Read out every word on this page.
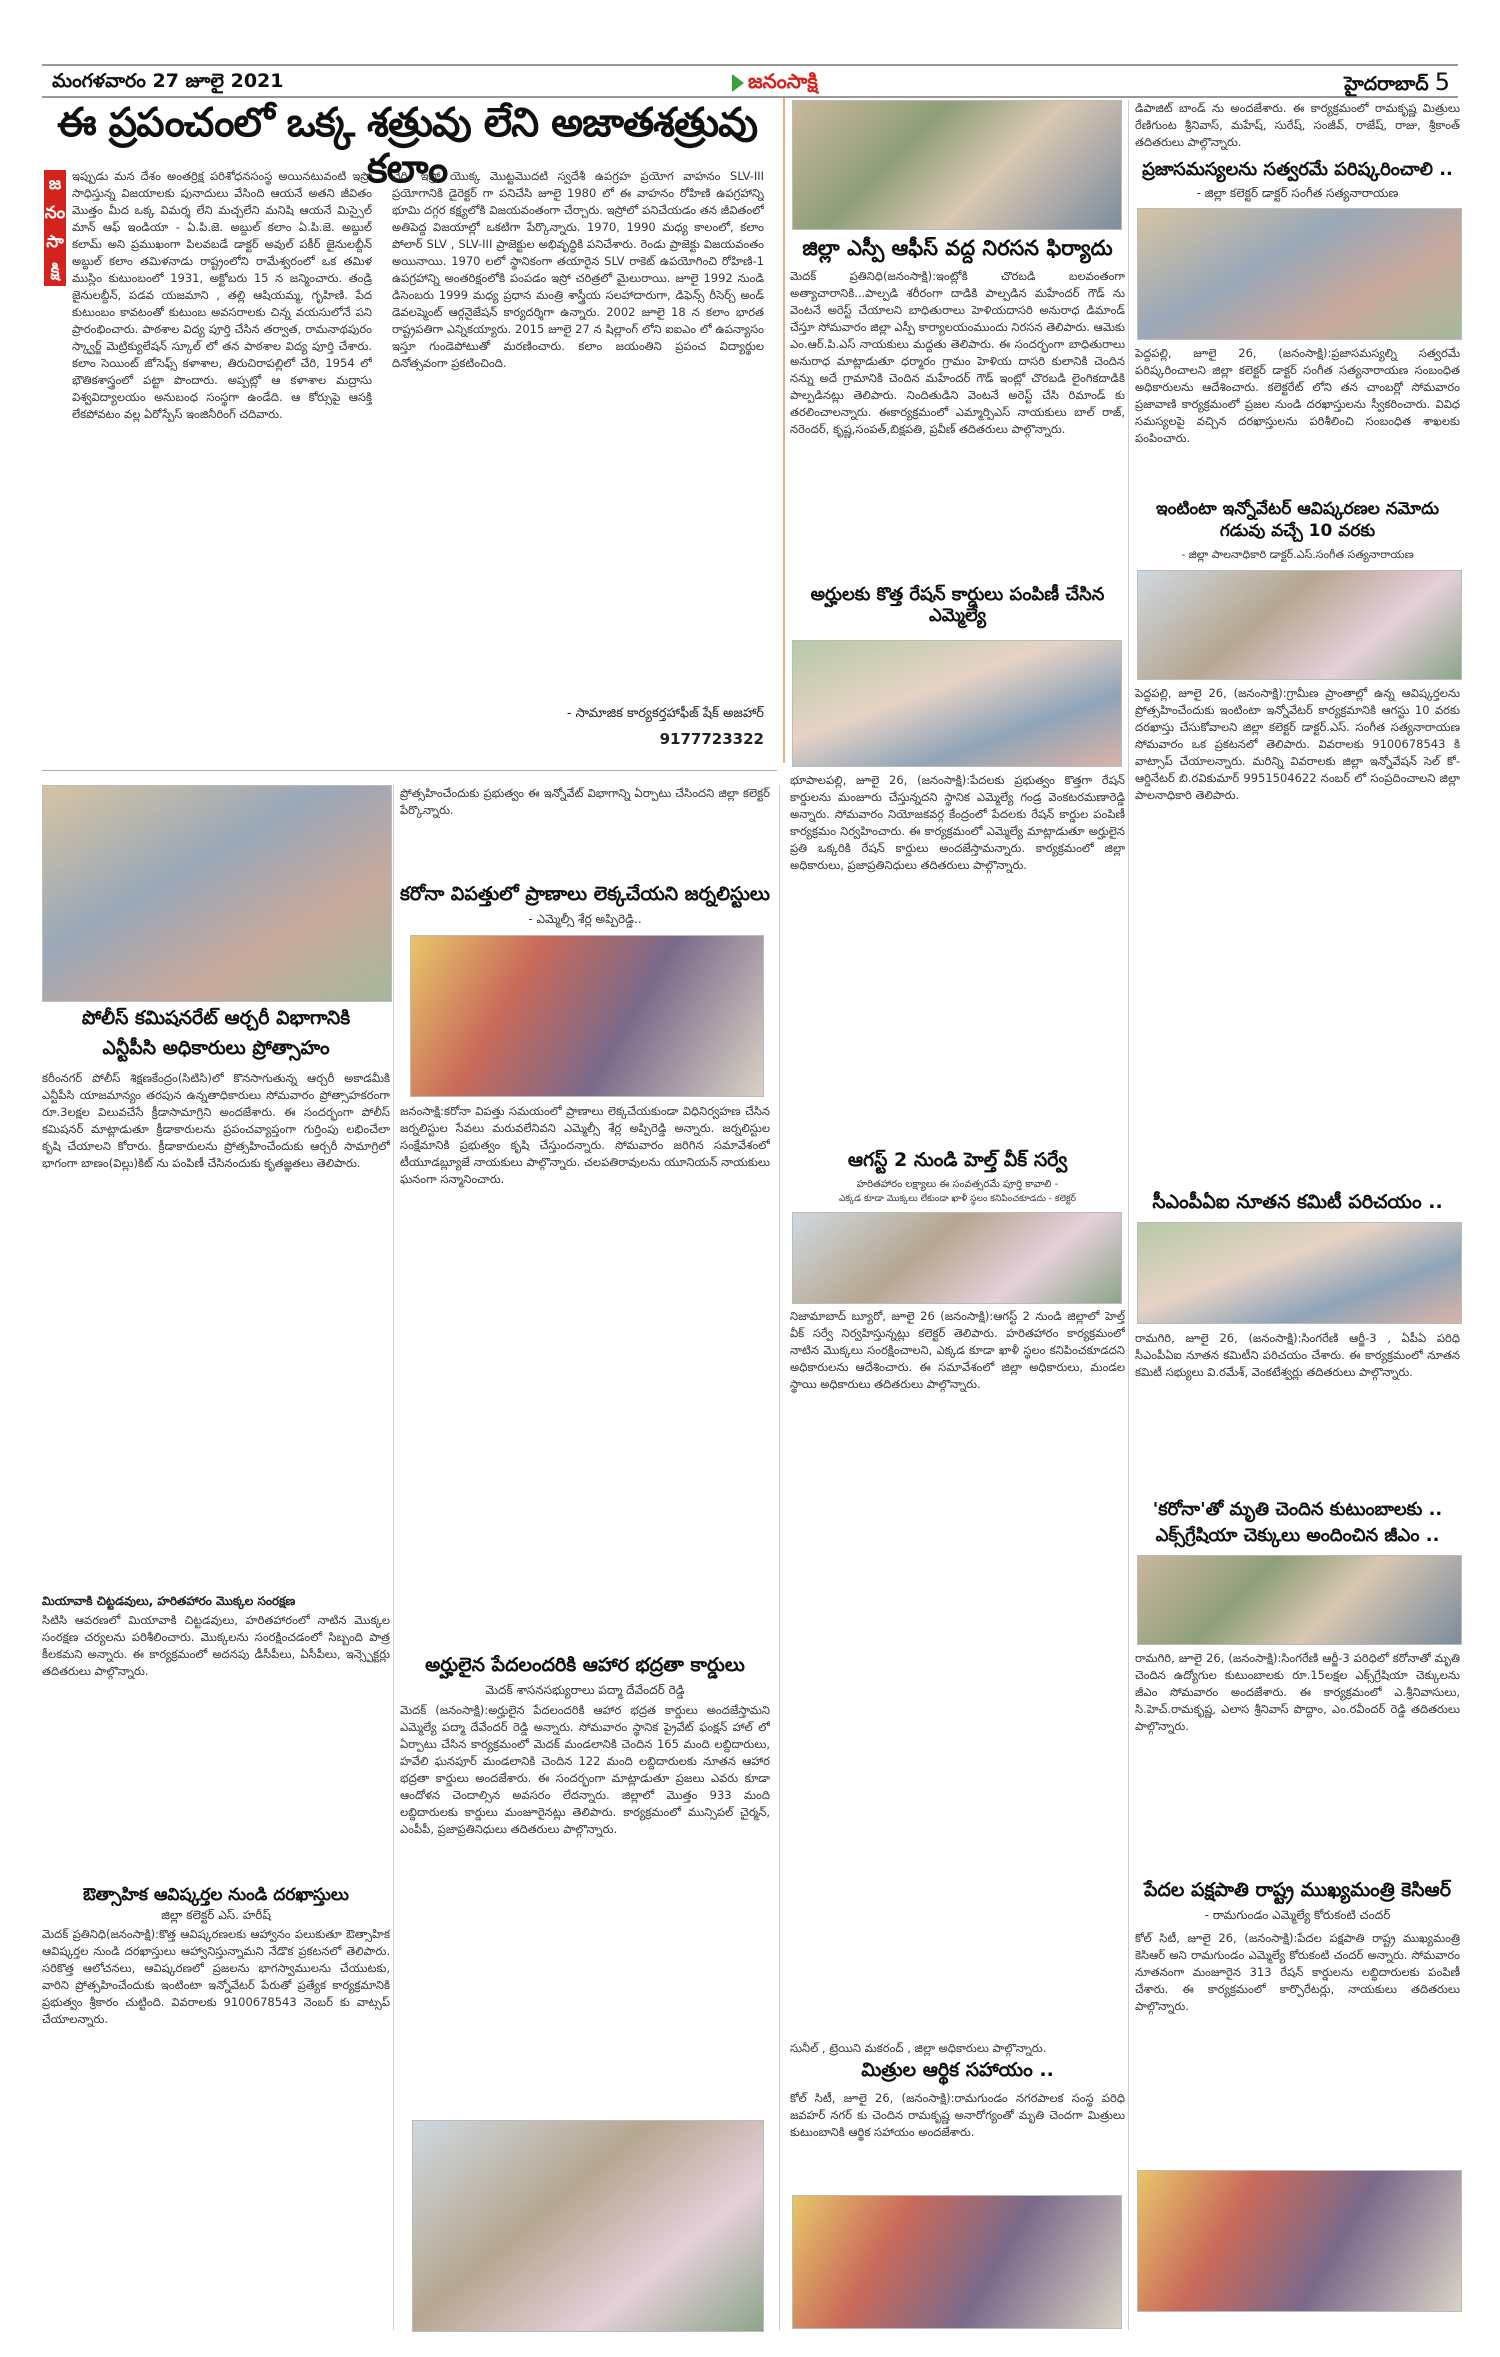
మంగళవారం 27 జూలై 2021	జనంసాక్షి	హైదరాబాద్ 5
ఈ ప్రపంచంలో ఒక్క శత్రువు లేని అజాతశత్రువు కలాం
జ
నం
సా
క్షి
ఇప్పుడు మన దేశం అంతర్రిక్ష పరిశోధనసంస్థ అయినటువంటి ఇస్రో సాధిస్తున్న విజయాలకు పునాదులు వేసింది ఆయనే అతని జీవితం మొత్తం మీద ఒక్క విమర్శ లేని మచ్చలేని మనిషి ఆయనే మిస్సైల్ మాన్ ఆఫ్ ఇండియా - ఏ.పి.జె. అబ్దుల్ కలాం ఏ.పి.జె. అబ్దుల్ కలామ్ అని ప్రముఖంగా పిలవబడే డాక్టర్ అవుల్ పకీర్ జైనులబ్దీన్ అబ్దుల్ కలాం తమిళనాడు రాష్ట్రంలోని రామేశ్వరంలో ఒక తమిళ ముస్లిం కుటుంబంలో 1931, అక్టోబరు 15 న జన్మించారు. తండ్రి జైనులబ్దీన్, పడవ యజమాని , తల్లి ఆషియమ్మ, గృహిణి. పేద కుటుంబం కావటంతో కుటుంబ అవసరాలకు చిన్న వయసులోనే పని ప్రారంభించారు. పాఠశాల విద్య పూర్తి చేసిన తర్వాత, రామనాథపురం స్క్వార్జ్ మెట్రిక్యులేషన్ స్కూల్ లో తన పాఠశాల విద్య పూర్తి చేశారు. కలాం సెయింట్ జోసెఫ్స్ కళాశాల, తిరుచిరాపల్లిలో చేరి, 1954 లో భౌతికశాస్త్రంలో పట్టా పొందారు. అప్పట్లో ఆ కళాశాల మద్రాసు విశ్వవిద్యాలయం అనుబంధ సంస్థగా ఉండేది. ఆ కోర్సుపై ఆసక్తి లేకపోవటం వల్ల ఏరోస్పేస్ ఇంజినీరింగ్ చదివారు.
చేరి, ఇస్రో యొక్క మొట్టమొదటి స్వదేశీ ఉపగ్రహ ప్రయోగ వాహనం SLV-III ప్రయోగానికి డైరెక్టర్ గా పనిచేసి జూలై 1980 లో ఈ వాహనం రోహిణి ఉపగ్రహాన్ని భూమి దగ్గర కక్ష్యలోకి విజయవంతంగా చేర్చారు. ఇస్రోలో పనిచేయడం తన జీవితంలో అతిపెద్ద విజయాల్లో ఒకటిగా పేర్కొన్నారు. 1970, 1990 మధ్య కాలంలో, కలాం పోలార్ SLV , SLV-III ప్రాజెక్టుల అభివృద్ధికి పనిచేశారు. రెండు ప్రాజెక్టు విజయవంతం అయినాయి. 1970 లలో స్థానికంగా తయారైన SLV రాకెట్ ఉపయోగించి రోహిణి-1 ఉపగ్రహాన్ని అంతరిక్షంలోకి పంపడం ఇస్రో చరిత్రలో మైలురాయి. జూలై 1992 నుండి డిసెంబరు 1999 మధ్య ప్రధాన మంత్రి శాస్త్రీయ సలహాదారుగా, డిఫెన్స్ రీసెర్చ్ అండ్ డెవలప్మెంట్ ఆర్గనైజేషన్ కార్యదర్శిగా ఉన్నారు. 2002 జూలై 18 న కలాం భారత రాష్ట్రపతిగా ఎన్నికయ్యారు. 2015 జూలై 27 న షిల్లాంగ్ లోని ఐఐఎం లో ఉపన్యాసం ఇస్తూ గుండెపోటుతో మరణించారు. కలాం జయంతిని ప్రపంచ విద్యార్థుల దినోత్సవంగా ప్రకటించింది.
- సామాజిక కార్యకర్తహాఫీజ్ షేక్ అజహార్
9177723322
జిల్లా ఎస్పీ ఆఫీస్ వద్ద నిరసన ఫిర్యాదు
మెదక్ ప్రతినిధి(జనంసాక్షి):ఇంట్లోకి చొరబడి బలవంతంగా అత్యాచారానికి...పాల్పడి శరీరంగా దాడికి పాల్పడిన మహేందర్ గౌడ్ ను వెంటనే అరెస్ట్ చేయాలని బాధితురాలు హెళియదాసరి అనురాధ డిమాండ్ చేస్తూ సోమవారం జిల్లా ఎస్పీ కార్యాలయంముందు నిరసన తెలిపారు. ఆమెకు ఎం.ఆర్.పి.ఎస్ నాయకులు మద్దతు తెలిపారు. ఈ సందర్భంగా బాధితురాలు అనురాధ మాట్లాడుతూ ధర్మారం గ్రామం హెళియ దాసరి కులానికి చెందిన నన్ను అదే గ్రామానికి చెందిన మహేందర్ గౌడ్ ఇంట్లో చొరబడి లైంగికదాడికి పాల్పడినట్లు తెలిపారు. నిందితుడిని వెంటనే అరెస్ట్ చేసి రిమాండ్ కు తరలించాలన్నారు. ఈకార్యక్రమంలో ఎమ్మార్పిఎస్ నాయకులు బాల్ రాజ్, నరెందర్, కృష్ణ,సంపత్,బిక్షపతి, ప్రవీణ్ తదితరులు పాల్గొన్నారు.
అర్హులకు కొత్త రేషన్ కార్డులు పంపిణీ చేసిన ఎమ్మెల్యే
భూపాలపల్లి, జూలై 26, (జనంసాక్షి):పేదలకు ప్రభుత్వం కొత్తగా రేషన్ కార్డులను మంజూరు చేస్తున్నదని స్థానిక ఎమ్మెల్యే గండ్ర వెంకటరమణారెడ్డి అన్నారు. సోమవారం నియోజకవర్గ కేంద్రంలో పేదలకు రేషన్ కార్డుల పంపిణీ కార్యక్రమం నిర్వహించారు. ఈ కార్యక్రమంలో ఎమ్మెల్యే మాట్లాడుతూ అర్హులైన ప్రతి ఒక్కరికి రేషన్ కార్డులు అందజేస్తామన్నారు. కార్యక్రమంలో జిల్లా అధికారులు, ప్రజాప్రతినిధులు తదితరులు పాల్గొన్నారు.
ఆగస్ట్ 2 నుండి హెల్త్ వీక్ సర్వే
హరితహారం లక్ష్యాలు ఈ సంవత్సరమే పూర్తి కావాలి -
ఎక్కడ కూడా మొక్కలు లేకుండా ఖాళీ స్థలం కనిపించకూడదు - కలెక్టర్
నిజామాబాద్ బ్యూరో, జూలై 26 (జనంసాక్షి):ఆగస్ట్ 2 నుండి జిల్లాలో హెల్త్ వీక్ సర్వే నిర్వహిస్తున్నట్లు కలెక్టర్ తెలిపారు. హరితహారం కార్యక్రమంలో నాటిన మొక్కలు సంరక్షించాలని, ఎక్కడ కూడా ఖాళీ స్థలం కనిపించకూడదని అధికారులను ఆదేశించారు. ఈ సమావేశంలో జిల్లా అధికారులు, మండల స్థాయి అధికారులు తదితరులు పాల్గొన్నారు.
సునీల్ , ట్రెయిని మకరంద్ , జిల్లా అధికారులు పాల్గొన్నారు.
మిత్రుల ఆర్థిక సహాయం ..
కోల్ సిటీ, జూలై 26, (జనంసాక్షి):రామగుండం నగరపాలక సంస్థ పరిధి జవహర్ నగర్ కు చెందిన రామకృష్ణ అనారోగ్యంతో మృతి చెందగా మిత్రులు కుటుంబానికి ఆర్థిక సహాయం అందజేశారు.
డిపాజిట్ బాండ్ ను అందజేశారు. ఈ కార్యక్రమంలో రామకృష్ణ మిత్రులు రేణిగుంట శ్రీనివాస్, మహేష్, సురేష్, సంజీవ్, రాజేష్, రాజు, శ్రీకాంత్ తదితరులు పాల్గొన్నారు.
ప్రజాసమస్యలను సత్వరమే పరిష్కరించాలి ..
- జిల్లా కలెక్టర్ డాక్టర్ సంగీత సత్యనారాయణ
పెద్దపల్లి, జూలై 26, (జనంసాక్షి):ప్రజాసమస్యల్ని సత్వరమే పరిష్కరించాలని జిల్లా కలెక్టర్ డాక్టర్ సంగీత సత్యనారాయణ సంబంధిత అధికారులను ఆదేశించారు. కలెక్టరేట్ లోని తన చాంబర్లో సోమవారం ప్రజావాణి కార్యక్రమంలో ప్రజల నుండి దరఖాస్తులను స్వీకరించారు. వివిధ సమస్యలపై వచ్చిన దరఖాస్తులను పరిశీలించి సంబంధిత శాఖలకు పంపించారు.
ఇంటింటా ఇన్నోవేటర్ ఆవిష్కరణల నమోదు
గడువు వచ్చే 10 వరకు
- జిల్లా పాలనాధికారి డాక్టర్.ఎస్.సంగీత సత్యనారాయణ
పెద్దపల్లి, జూలై 26, (జనంసాక్షి):గ్రామీణ ప్రాంతాల్లో ఉన్న ఆవిష్కర్తలను ప్రోత్సహించేందుకు ఇంటింటా ఇన్నోవేటర్ కార్యక్రమానికి ఆగస్టు 10 వరకు దరఖాస్తు చేసుకోవాలని జిల్లా కలెక్టర్ డాక్టర్.ఎస్. సంగీత సత్యనారాయణ సోమవారం ఒక ప్రకటనలో తెలిపారు. వివరాలకు 9100678543 కి వాట్సాప్ చేయాలన్నారు. మరిన్ని వివరాలకు జిల్లా ఇన్నోవేషన్ సెల్ కో-ఆర్డినేటర్ బి.రవికుమార్ 9951504622 నంబర్ లో సంప్రదించాలని జిల్లా పాలనాధికారి తెలిపారు.
సీఎంపీఏఐ నూతన కమిటీ పరిచయం ..
రామగిరి, జూలై 26, (జనంసాక్షి):సింగరేణి ఆర్జీ-3 , ఏపీఏ పరిధి సీఎంపీఏఐ నూతన కమిటీని పరిచయం చేశారు. ఈ కార్యక్రమంలో నూతన కమిటీ సభ్యులు వి.రమేశ్, వెంకటేశ్వర్లు తదితరులు పాల్గొన్నారు.
'కరోనా'తో మృతి చెందిన కుటుంబాలకు ..
ఎక్స్‌గ్రేషియా చెక్కులు అందించిన జీఎం ..
రామగిరి, జూలై 26, (జనంసాక్షి):సింగరేణి ఆర్జీ-3 పరిధిలో కరోనాతో మృతి చెందిన ఉద్యోగుల కుటుంబాలకు రూ.15లక్షల ఎక్స్‌గ్రేషియా చెక్కులను జీఎం సోమవారం అందజేశారు. ఈ కార్యక్రమంలో ఎ.శ్రీనివాసులు, సి.హెచ్.రామకృష్ణ, ఎలాస శ్రీనివాస్ పొద్దాం, ఎం.రవీందర్ రెడ్డి తదితరులు పాల్గొన్నారు.
పేదల పక్షపాతి రాష్ట్ర ముఖ్యమంత్రి కెసిఆర్
- రామగుండం ఎమ్మెల్యే కోరుకంటి చందర్
కోల్ సిటీ, జూలై 26, (జనంసాక్షి):పేదల పక్షపాతి రాష్ట్ర ముఖ్యమంత్రి కెసిఆర్ అని రామగుండం ఎమ్మెల్యే కోరుకంటి చందర్ అన్నారు. సోమవారం నూతనంగా మంజూరైన 313 రేషన్ కార్డులను లబ్ధిదారులకు పంపిణీ చేశారు. ఈ కార్యక్రమంలో కార్పొరేటర్లు, నాయకులు తదితరులు పాల్గొన్నారు.
పోలీస్ కమిషనరేట్ ఆర్చరీ విభాగానికి
ఎన్టీపీసి అధికారులు ప్రోత్సాహం
కరీంనగర్ పోలీస్ శిక్షణకేంద్రం(సిటిసి)లో కొనసాగుతున్న ఆర్చరీ అకాడమీకి ఎన్టీపీసి యాజమాన్యం తరపున ఉన్నతాధికారులు సోమవారం ప్రోత్సాహకరంగా రూ.3లక్షల విలువచేసే క్రీడాసామాగ్రిని అందజేశారు. ఈ సందర్భంగా పోలీస్ కమిషనర్ మాట్లాడుతూ క్రీడాకారులను ప్రపంచవ్యాప్తంగా గుర్తింపు లభించేలా కృషి చేయాలని కోరారు. క్రీడాకారులను ప్రోత్సహించేందుకు ఆర్చరీ సామాగ్రిలో భాగంగా బాణం(విల్లు)కిట్ ను పంపిణీ చేసినందుకు కృతజ్ఞతలు తెలిపారు.
మియావాకి చిట్టడవులు, హరితహారం మొక్కల సంరక్షణ
సిటిసి ఆవరణలో మియావాకి చిట్టడవులు, హరితహారంలో నాటిన మొక్కల సంరక్షణ చర్యలను పరిశీలించారు. మొక్కలను సంరక్షించడంలో సిబ్బంది పాత్ర కీలకమని అన్నారు. ఈ కార్యక్రమంలో అదనపు డీసీపీలు, ఏసీపీలు, ఇన్స్పెక్టర్లు తదితరులు పాల్గొన్నారు.
ఔత్సాహిక ఆవిష్కర్తల నుండి దరఖాస్తులు
జిల్లా కలెక్టర్ ఎస్. హరీష్
మెదక్ ప్రతినిధి(జనంసాక్షి):కొత్త ఆవిష్కరణలకు ఆహ్వానం పలుకుతూ ఔత్సాహిక ఆవిష్కర్తల నుండి దరఖాస్తులు ఆహ్వానిస్తున్నామని నేడొక ప్రకటనలో తెలిపారు. సరికొత్త ఆలోచనలు, ఆవిష్కరణలో ప్రజలను భాగస్వాములను చేయుటకు, వారిని ప్రోత్సహించేందుకు ఇంటింటా ఇన్నోవేటర్ పేరుతో ప్రత్యేక కార్యక్రమానికి ప్రభుత్వం శ్రీకారం చుట్టింది. వివరాలకు 9100678543 నెంబర్ కు వాట్సప్ చేయాలన్నారు.
ప్రోత్సహించేందుకు ప్రభుత్వం ఈ ఇన్నోవేట్ విభాగాన్ని ఏర్పాటు చేసిందని జిల్లా కలెక్టర్ పేర్కొన్నారు.
కరోనా విపత్తులో ప్రాణాలు లెక్కచేయని జర్నలిస్టులు
- ఎమ్మెల్సీ శేర్ల అప్పిరెడ్డి..
జనంసాక్షి:కరోనా విపత్తు సమయంలో ప్రాణాలు లెక్కచేయకుండా విధినిర్వహణ చేసిన జర్నలిస్టుల సేవలు మరువలేనివని ఎమ్మెల్సీ శేర్ల అప్పిరెడ్డి అన్నారు. జర్నలిస్టుల సంక్షేమానికి ప్రభుత్వం కృషి చేస్తుందన్నారు. సోమవారం జరిగిన సమావేశంలో టీయూడబ్ల్యూజే నాయకులు పాల్గొన్నారు. చలపతిరావులను యూనియన్ నాయకులు ఘనంగా సన్మానించారు.
అర్హులైన పేదలందరికి ఆహార భద్రతా కార్డులు
మెదక్ శాసనసభ్యురాలు పద్మా దేవేందర్ రెడ్డి
మెదక్ (జనంసాక్షి):అర్హులైన పేదలందరికి ఆహార భద్రత కార్డులు అందజేస్తామని ఎమ్మెల్యే పద్మా దేవేందర్ రెడ్డి అన్నారు. సోమవారం స్థానిక ప్రైవేట్ ఫంక్షన్ హాల్ లో ఏర్పాటు చేసిన కార్యక్రమంలో మెదక్ మండలానికి చెందిన 165 మంది లబ్దిదారులు, హవేలి ఘనపూర్ మండలానికి చెందిన 122 మంది లబ్దిదారులకు నూతన ఆహార భద్రతా కార్డులు అందజేశారు. ఈ సందర్భంగా మాట్లాడుతూ ప్రజలు ఎవరు కూడా ఆందోళన చెందాల్సిన అవసరం లేదన్నారు. జిల్లాలో మొత్తం 933 మంది లబ్దిదారులకు కార్డులు మంజూరైనట్లు తెలిపారు. కార్యక్రమంలో మున్సిపల్ చైర్మన్, ఎంపీపీ, ప్రజాప్రతినిధులు తదితరులు పాల్గొన్నారు.
